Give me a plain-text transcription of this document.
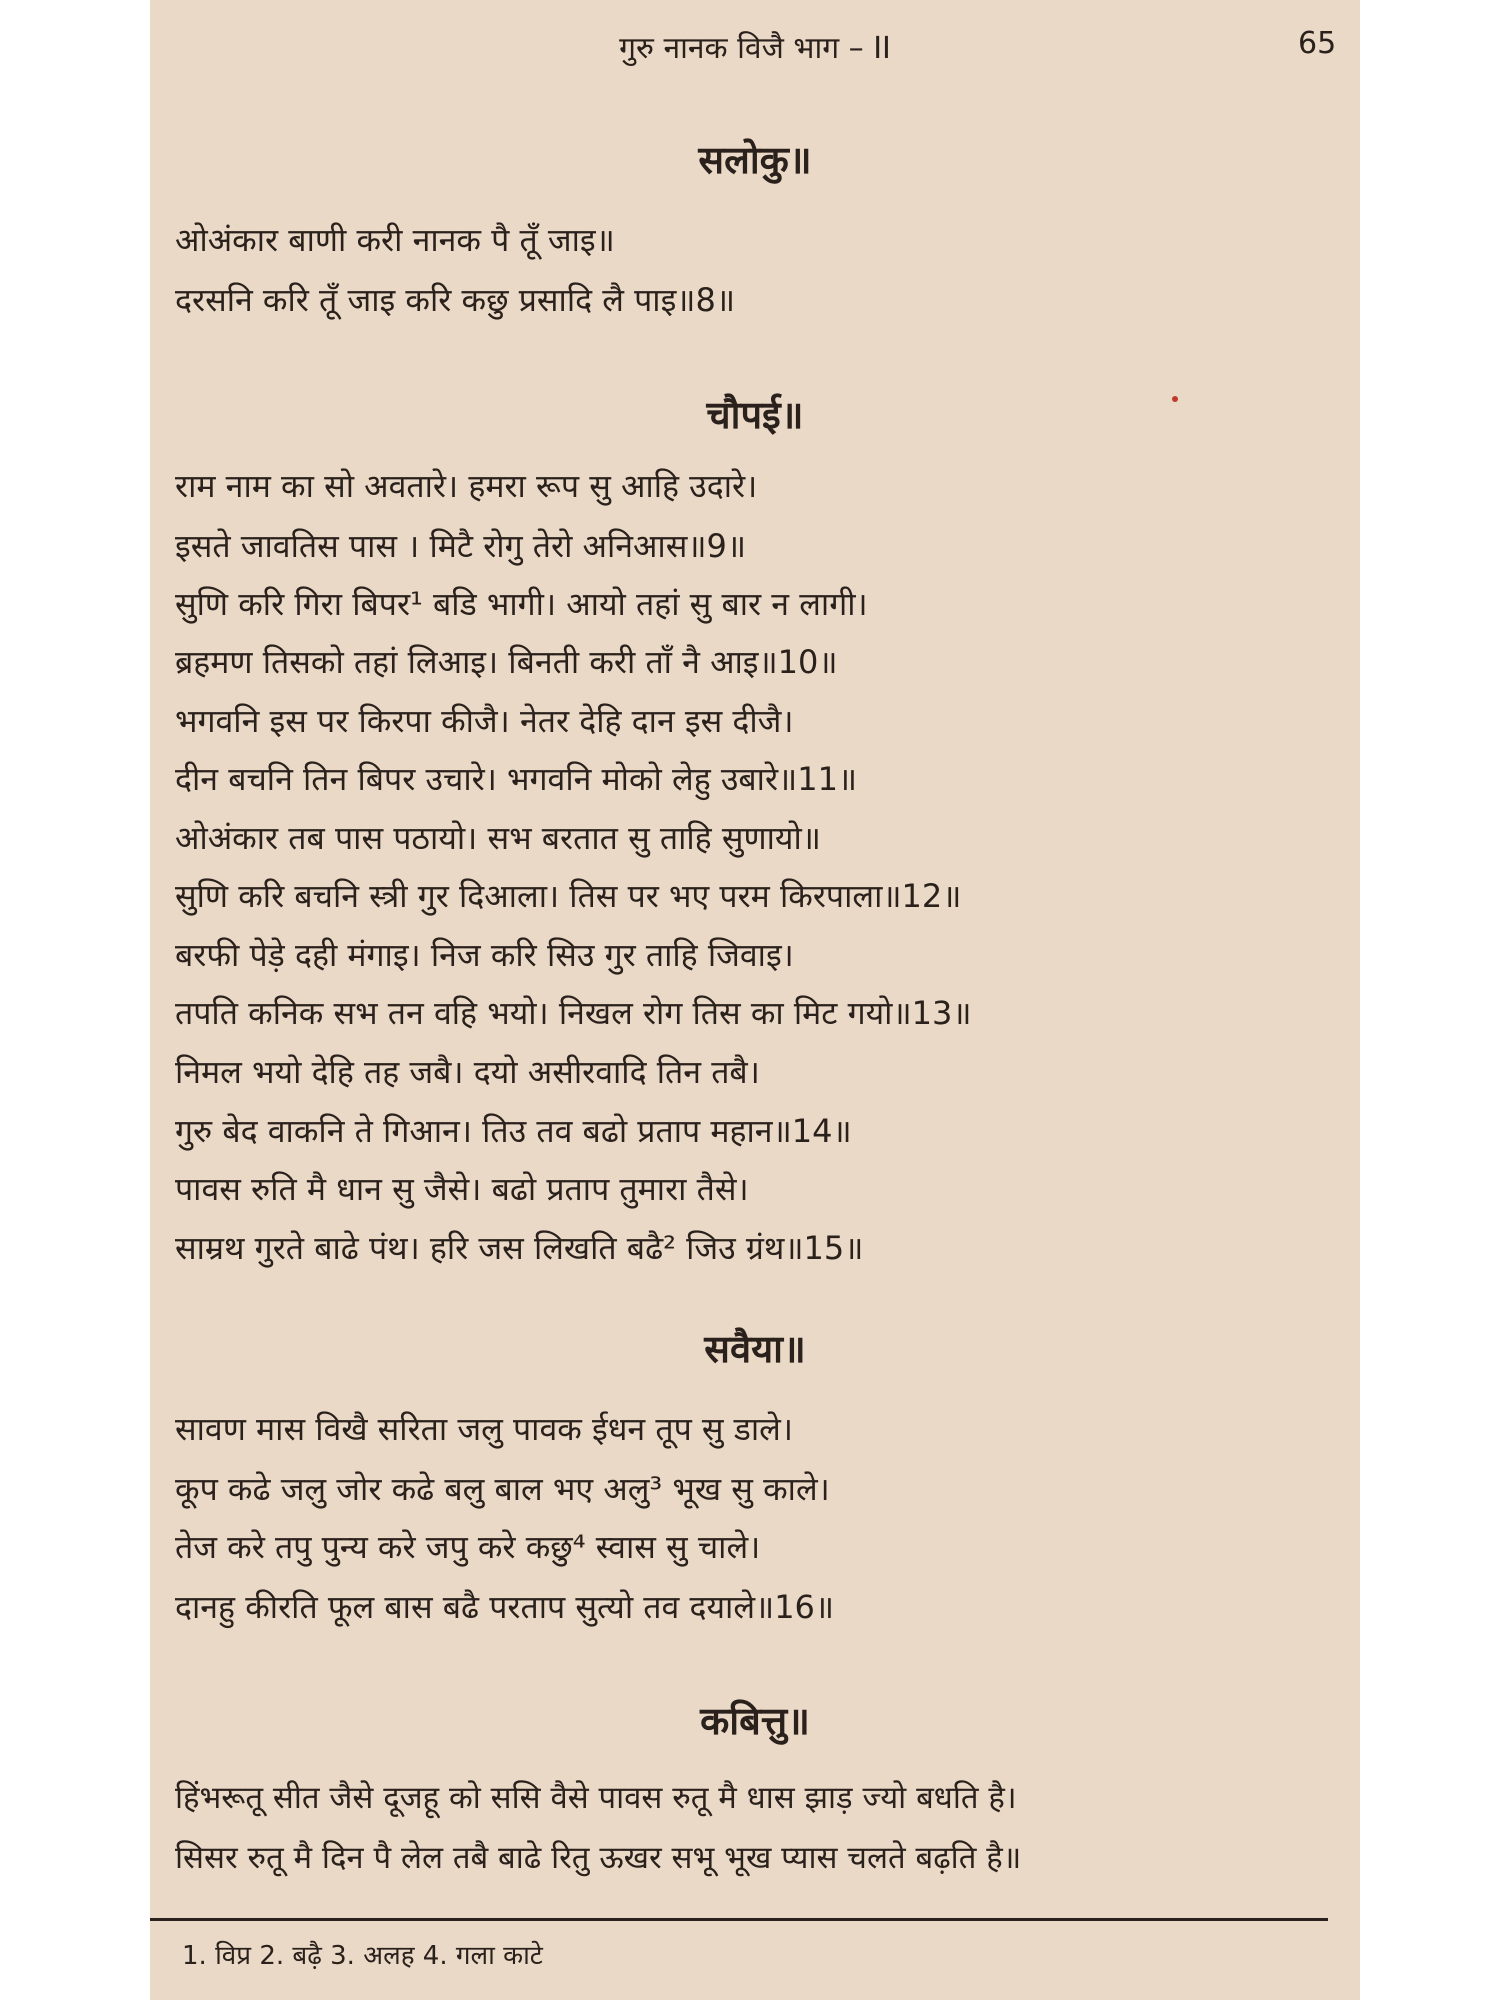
गुरु नानक विजै भाग – II	65
सलोकु॥
ओअंकार बाणी करी नानक पै तूँ जाइ॥
दरसनि करि तूँ जाइ करि कछु प्रसादि लै पाइ॥8॥
चौपई॥
राम नाम का सो अवतारे। हमरा रूप सु आहि उदारे।
इसते जावतिस पास । मिटै रोगु तेरो अनिआस॥9॥
सुणि करि गिरा बिपर¹ बडि भागी। आयो तहां सु बार न लागी।
ब्रहमण तिसको तहां लिआइ। बिनती करी ताँ नै आइ॥10॥
भगवनि इस पर किरपा कीजै। नेतर देहि दान इस दीजै।
दीन बचनि तिन बिपर उचारे। भगवनि मोको लेहु उबारे॥11॥
ओअंकार तब पास पठायो। सभ बरतात सु ताहि सुणायो॥
सुणि करि बचनि स्त्री गुर दिआला। तिस पर भए परम किरपाला॥12॥
बरफी पेड़े दही मंगाइ। निज करि सिउ गुर ताहि जिवाइ।
तपति कनिक सभ तन वहि भयो। निखल रोग तिस का मिट गयो॥13॥
निमल भयो देहि तह जबै। दयो असीरवादि तिन तबै।
गुरु बेद वाकनि ते गिआन। तिउ तव बढो प्रताप महान॥14॥
पावस रुति मै धान सु जैसे। बढो प्रताप तुमारा तैसे।
साम्रथ गुरते बाढे पंथ। हरि जस लिखति बढै² जिउ ग्रंथ॥15॥
सवैया॥
सावण मास विखै सरिता जलु पावक ईधन तूप सु डाले।
कूप कढे जलु जोर कढे बलु बाल भए अलु³ भूख सु काले।
तेज करे तपु पुन्य करे जपु करे कछु⁴ स्वास सु चाले।
दानहु कीरति फूल बास बढै परताप सुत्यो तव दयाले॥16॥
कबित्तु॥
हिंभरूतू सीत जैसे दूजहू को ससि वैसे पावस रुतू मै धास झाड़ ज्यो बधति है।
सिसर रुतू मै दिन पै लेल तबै बाढे रितु ऊखर सभू भूख प्यास चलते बढ़ति है॥
1. विप्र 2. बढ़ै 3. अलह 4. गला काटे
